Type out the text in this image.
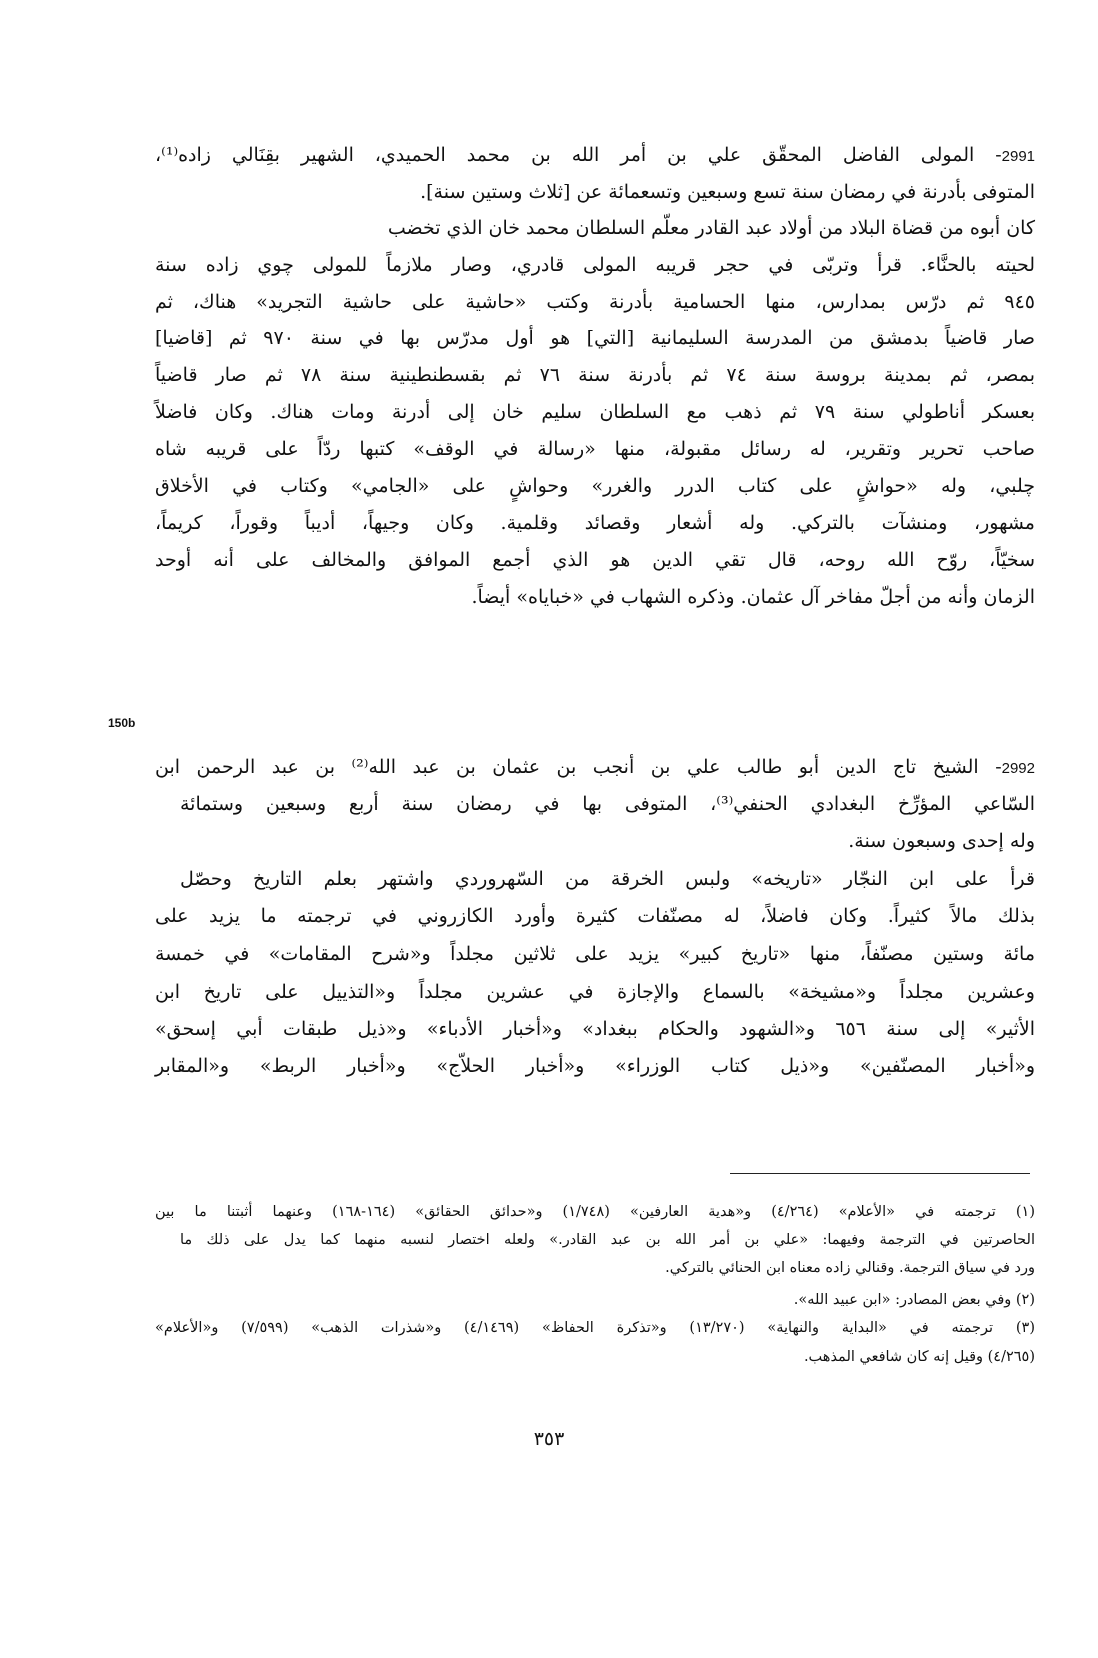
2991- المولى الفاضل المحقّق علي بن أمر الله بن محمد الحميدي، الشهير بقِنَالي زاده⁽¹⁾،
المتوفى بأدرنة في رمضان سنة تسع وسبعين وتسعمائة عن [ثلاث وستين سنة].
كان أبوه من قضاة البلاد من أولاد عبد القادر معلّم السلطان محمد خان الذي تخضب
لحيته بالحنَّاء. قرأ وتربّى في حجر قريبه المولى قادري، وصار ملازماً للمولى چوي زاده سنة
٩٤٥ ثم درّس بمدارس، منها الحسامية بأدرنة وكتب «حاشية على حاشية التجريد» هناك، ثم
صار قاضياً بدمشق من المدرسة السليمانية [التي] هو أول مدرّس بها في سنة ٩٧٠ ثم [قاضيا]
بمصر، ثم بمدينة بروسة سنة ٧٤ ثم بأدرنة سنة ٧٦ ثم بقسطنطينية سنة ٧٨ ثم صار قاضياً
بعسكر أناطولي سنة ٧٩ ثم ذهب مع السلطان سليم خان إلى أدرنة ومات هناك. وكان فاضلاً
صاحب تحرير وتقرير، له رسائل مقبولة، منها «رسالة في الوقف» كتبها ردّاً على قريبه شاه
چلبي، وله «حواشٍ على كتاب الدرر والغرر» وحواشٍ على «الجامي» وكتاب في الأخلاق
مشهور، ومنشآت بالتركي. وله أشعار وقصائد وقلمية. وكان وجيهاً، أديباً وقوراً، كريماً،
سخيّاً، روّح الله روحه، قال تقي الدين هو الذي أجمع الموافق والمخالف على أنه أوحد
الزمان وأنه من أجلّ مفاخر آل عثمان. وذكره الشهاب في «خباياه» أيضاً.
150b
2992- الشيخ تاج الدين أبو طالب علي بن أنجب بن عثمان بن عبد الله⁽²⁾ بن عبد الرحمن ابن
السّاعي المؤرِّخ البغدادي الحنفي⁽³⁾، المتوفى بها في رمضان سنة أربع وسبعين وستمائة
وله إحدى وسبعون سنة.
قرأ على ابن النجّار «تاريخه» ولبس الخرقة من السّهروردي واشتهر بعلم التاريخ وحصّل
بذلك مالاً كثيراً. وكان فاضلاً، له مصنّفات كثيرة وأورد الكازروني في ترجمته ما يزيد على
مائة وستين مصنّفاً، منها «تاريخ كبير» يزيد على ثلاثين مجلداً و«شرح المقامات» في خمسة
وعشرين مجلداً و«مشيخة» بالسماع والإجازة في عشرين مجلداً و«التذييل على تاريخ ابن
الأثير» إلى سنة ٦٥٦ و«الشهود والحكام ببغداد» و«أخبار الأدباء» و«ذيل طبقات أبي إسحق»
و«أخبار المصنّفين» و«ذيل كتاب الوزراء» و«أخبار الحلاّج» و«أخبار الربط» و«المقابر
(١) ترجمته في «الأعلام» (٤/٢٦٤) و«هدية العارفين» (١/٧٤٨) و«حدائق الحقائق» (١٦٤-١٦٨) وعنهما أثبتنا ما بين
الحاصرتين في الترجمة وفيهما: «علي بن أمر الله بن عبد القادر.» ولعله اختصار لنسبه منهما كما يدل على ذلك ما
ورد في سياق الترجمة. وقنالي زاده معناه ابن الحنائي بالتركي.
(٢) وفي بعض المصادر: «ابن عبيد الله».
(٣) ترجمته في «البداية والنهاية» (١٣/٢٧٠) و«تذكرة الحفاظ» (٤/١٤٦٩) و«شذرات الذهب» (٧/٥٩٩) و«الأعلام»
(٤/٢٦٥) وقيل إنه كان شافعي المذهب.
٣٥٣
